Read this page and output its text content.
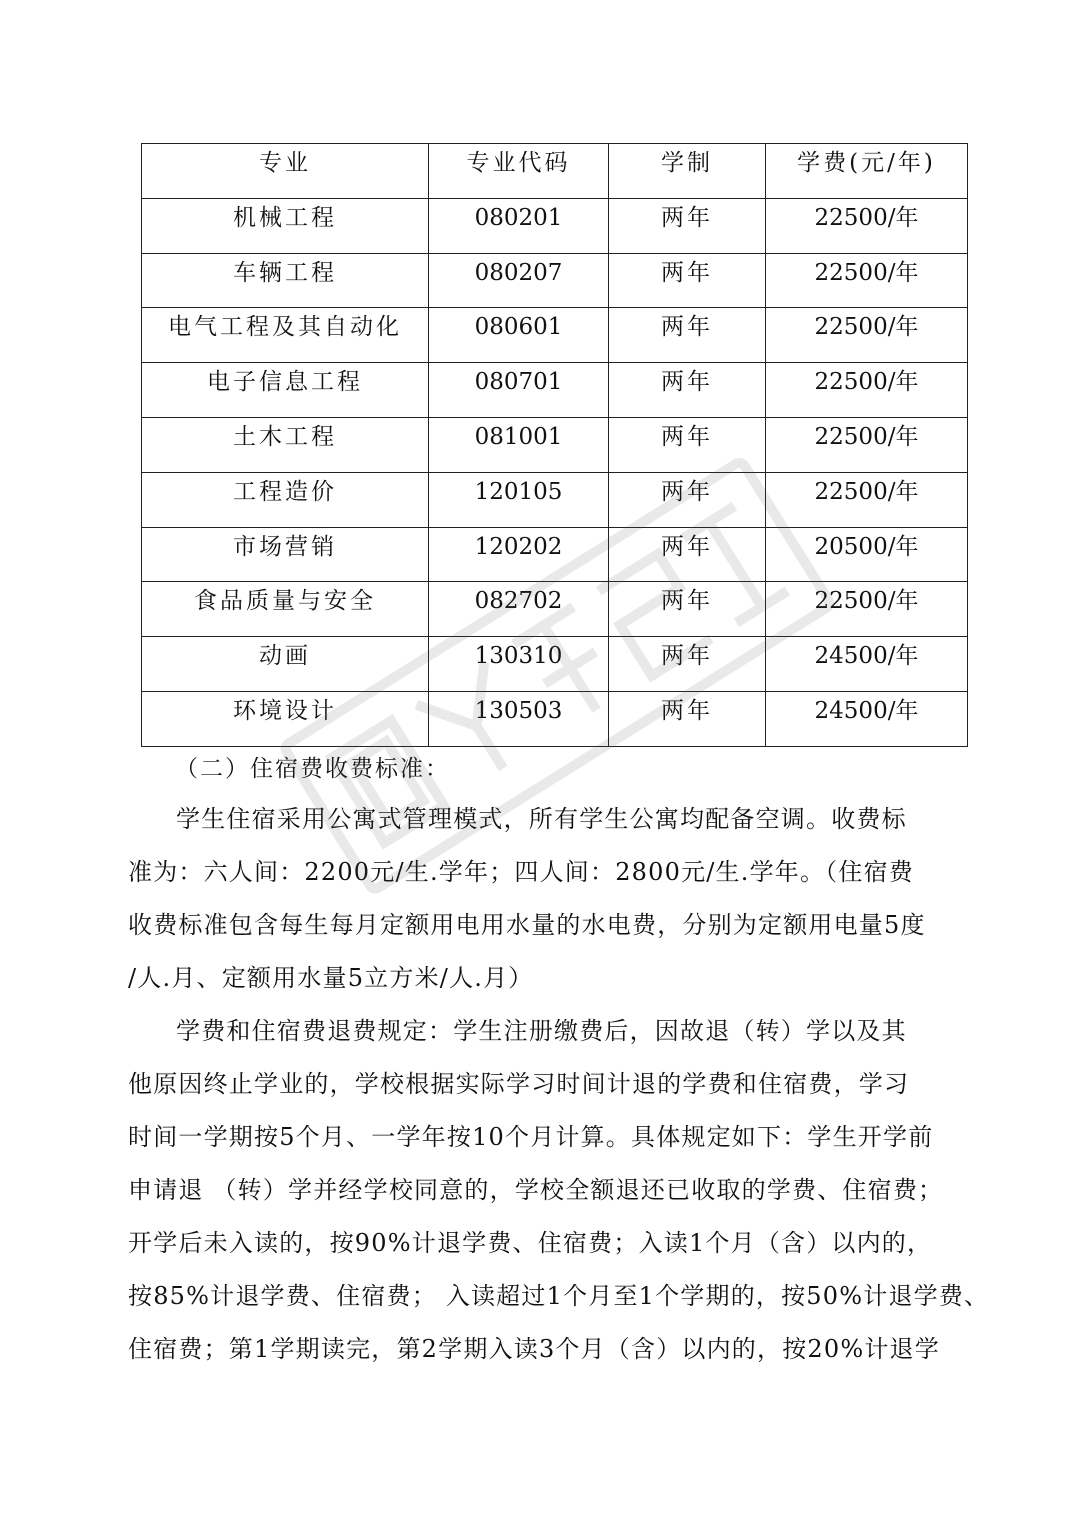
专业	专业代码	学制	学费(元/年)
机械工程	080201	两年	22500/年
车辆工程	080207	两年	22500/年
电气工程及其自动化	080601	两年	22500/年
电子信息工程	080701	两年	22500/年
土木工程	081001	两年	22500/年
工程造价	120105	两年	22500/年
市场营销	120202	两年	20500/年
食品质量与安全	082702	两年	22500/年
动画	130310	两年	24500/年
环境设计	130503	两年	24500/年
（二）住宿费收费标准：
学生住宿采用公寓式管理模式，所有学生公寓均配备空调。收费标
准为：六人间：2200元/生.学年；四人间：2800元/生.学年。（住宿费
收费标准包含每生每月定额用电用水量的水电费，分别为定额用电量5度
/人.月、定额用水量5立方米/人.月）
学费和住宿费退费规定：学生注册缴费后，因故退（转）学以及其
他原因终止学业的，学校根据实际学习时间计退的学费和住宿费，学习
时间一学期按5个月、一学年按10个月计算。具体规定如下：学生开学前
申请退 （转）学并经学校同意的，学校全额退还已收取的学费、住宿费；
开学后未入读的，按90%计退学费、住宿费；入读1个月（含）以内的，
按85%计退学费、住宿费； 入读超过1个月至1个学期的，按50%计退学费、
住宿费；第1学期读完，第2学期入读3个月（含）以内的，按20%计退学
